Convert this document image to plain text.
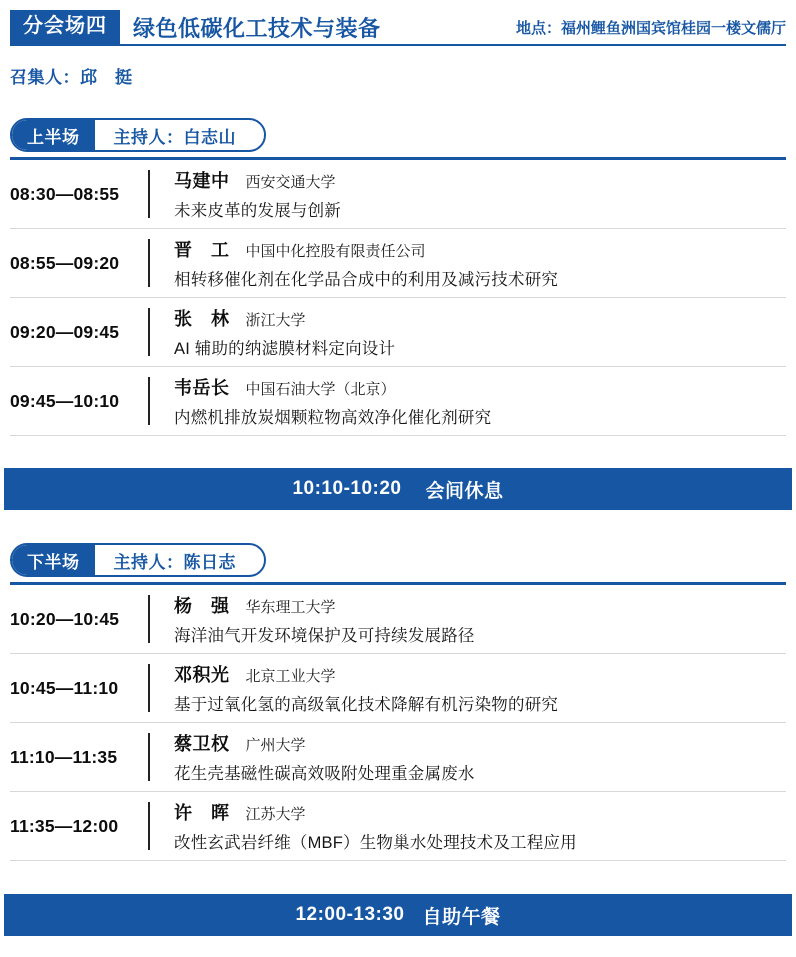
分会场四	绿色低碳化工技术与装备	地点：福州鲤鱼洲国宾馆桂园一楼文儒厅
召集人：邱　挺
上半场	主持人：白志山
08:30—08:55
马建中 西安交通大学
未来皮革的发展与创新
08:55—09:20
晋　工 中国中化控股有限责任公司
相转移催化剂在化学品合成中的利用及减污技术研究
09:20—09:45
张　林 浙江大学
AI 辅助的纳滤膜材料定向设计
09:45—10:10
韦岳长 中国石油大学（北京）
内燃机排放炭烟颗粒物高效净化催化剂研究
10:10-10:20 会间休息
下半场	主持人：陈日志
10:20—10:45
杨　强 华东理工大学
海洋油气开发环境保护及可持续发展路径
10:45—11:10
邓积光 北京工业大学
基于过氧化氢的高级氧化技术降解有机污染物的研究
11:10—11:35
蔡卫权 广州大学
花生壳基磁性碳高效吸附处理重金属废水
11:35—12:00
许　晖 江苏大学
改性玄武岩纤维（MBF）生物巢水处理技术及工程应用
12:00-13:30 自助午餐
